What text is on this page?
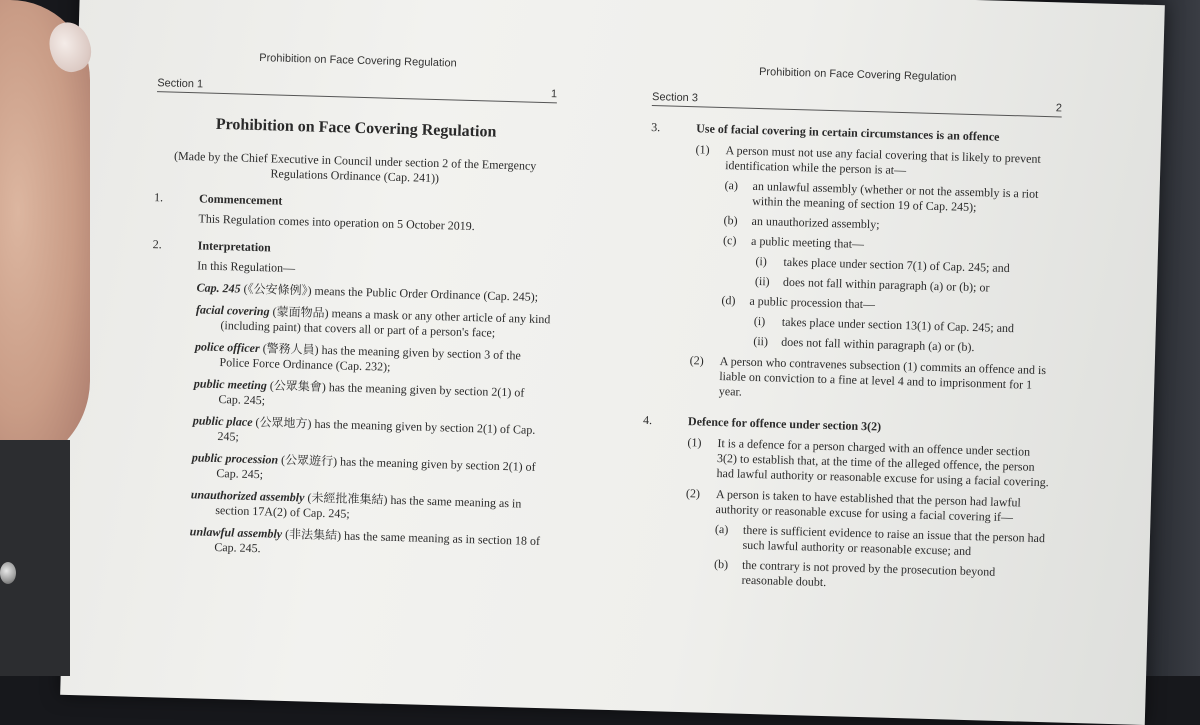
Prohibition on Face Covering Regulation
Section 1
1
Prohibition on Face Covering Regulation
(Made by the Chief Executive in Council under section 2 of the Emergency Regulations Ordinance (Cap. 241))
1.	Commencement
This Regulation comes into operation on 5 October 2019.
2.	Interpretation
In this Regulation—
Cap. 245 (《公安條例》) means the Public Order Ordinance (Cap. 245);
facial covering (蒙面物品) means a mask or any other article of any kind (including paint) that covers all or part of a person's face;
police officer (警務人員) has the meaning given by section 3 of the Police Force Ordinance (Cap. 232);
public meeting (公眾集會) has the meaning given by section 2(1) of Cap. 245;
public place (公眾地方) has the meaning given by section 2(1) of Cap. 245;
public procession (公眾遊行) has the meaning given by section 2(1) of Cap. 245;
unauthorized assembly (未經批准集結) has the same meaning as in section 17A(2) of Cap. 245;
unlawful assembly (非法集結) has the same meaning as in section 18 of Cap. 245.
Prohibition on Face Covering Regulation
Section 3
2
3.	Use of facial covering in certain circumstances is an offence
(1)	A person must not use any facial covering that is likely to prevent identification while the person is at—
(a)	an unlawful assembly (whether or not the assembly is a riot within the meaning of section 19 of Cap. 245);
(b)	an unauthorized assembly;
(c)	a public meeting that—
(i)	takes place under section 7(1) of Cap. 245; and
(ii)	does not fall within paragraph (a) or (b); or
(d)	a public procession that—
(i)	takes place under section 13(1) of Cap. 245; and
(ii)	does not fall within paragraph (a) or (b).
(2)	A person who contravenes subsection (1) commits an offence and is liable on conviction to a fine at level 4 and to imprisonment for 1 year.
4.	Defence for offence under section 3(2)
(1)	It is a defence for a person charged with an offence under section 3(2) to establish that, at the time of the alleged offence, the person had lawful authority or reasonable excuse for using a facial covering.
(2)	A person is taken to have established that the person had lawful authority or reasonable excuse for using a facial covering if—
(a)	there is sufficient evidence to raise an issue that the person had such lawful authority or reasonable excuse; and
(b)	the contrary is not proved by the prosecution beyond reasonable doubt.
